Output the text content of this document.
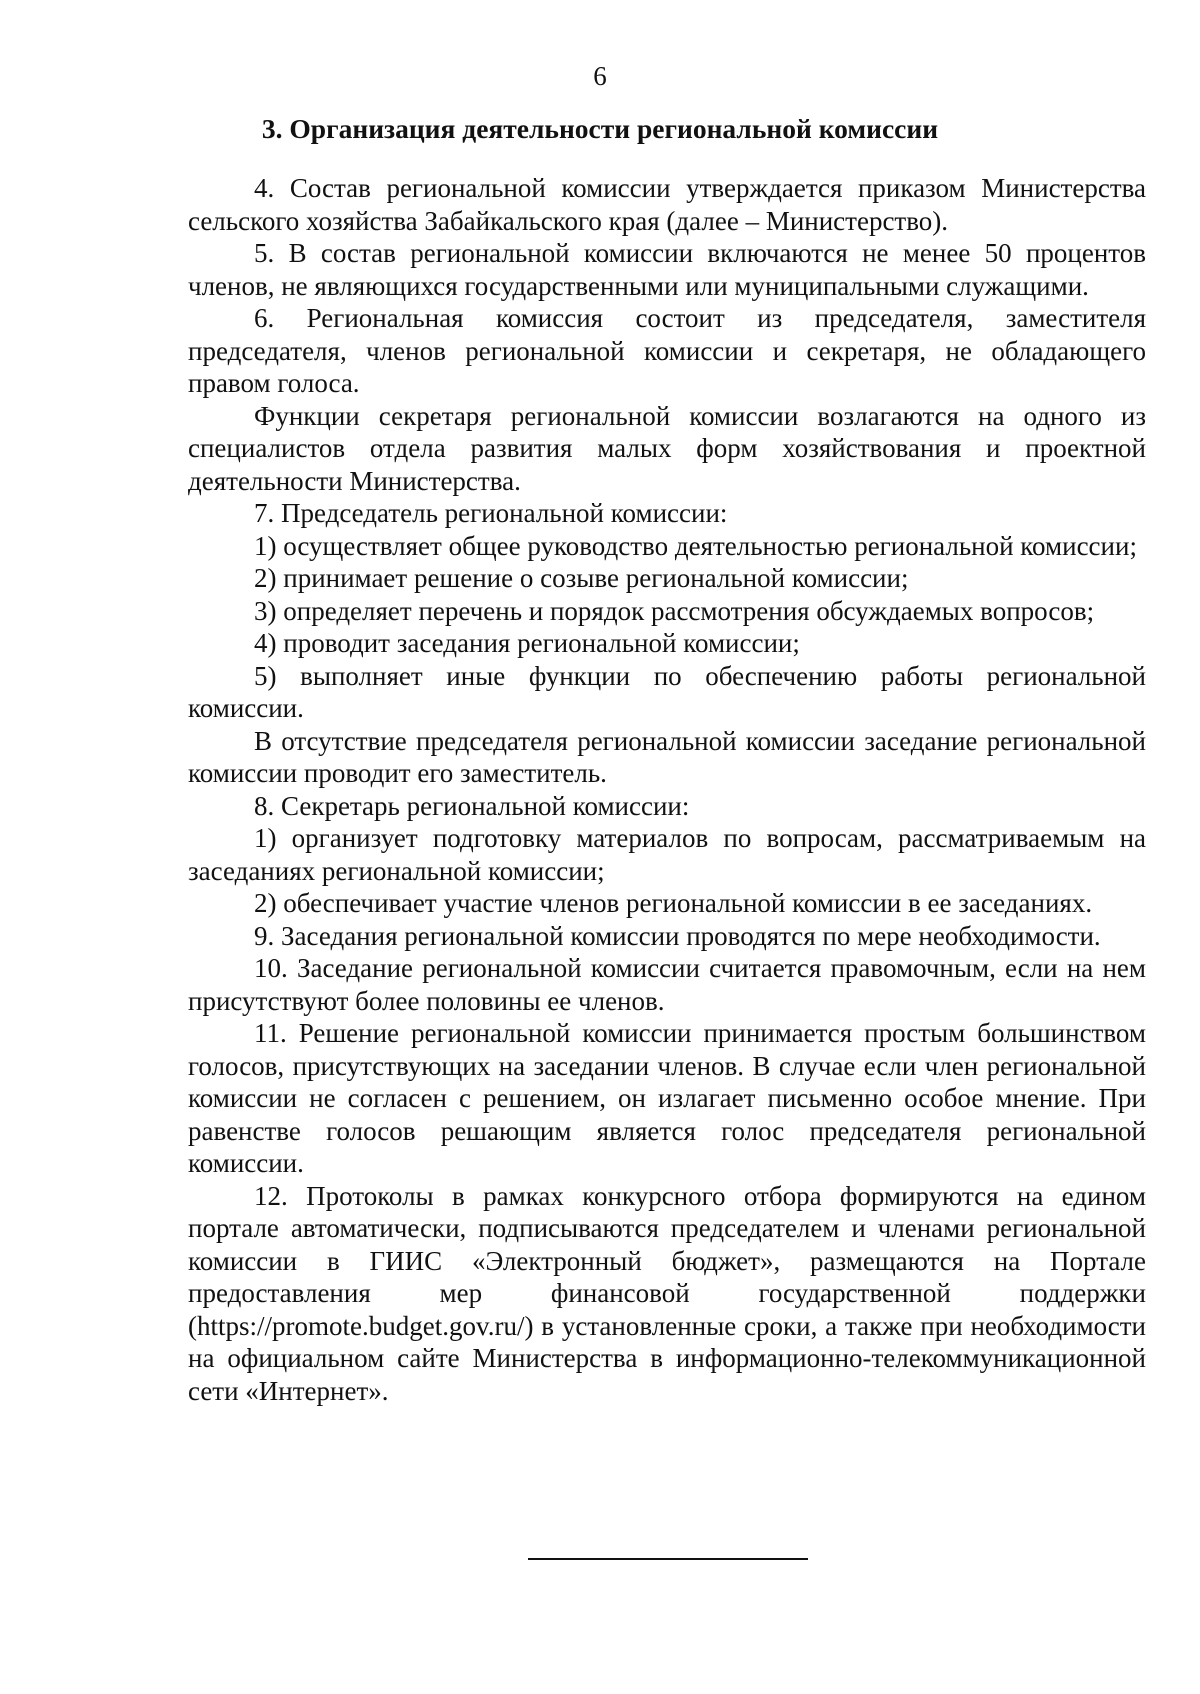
6
3. Организация деятельности региональной комиссии

4. Состав региональной комиссии утверждается приказом Министерства сельского хозяйства Забайкальского края (далее – Министерство).

5. В состав региональной комиссии включаются не менее 50 процентов членов, не являющихся государственными или муниципальными служащими.

6. Региональная комиссия состоит из председателя, заместителя председателя, членов региональной комиссии и секретаря, не обладающего правом голоса.

Функции секретаря региональной комиссии возлагаются на одного из специалистов отдела развития малых форм хозяйствования и проектной деятельности Министерства.

7. Председатель региональной комиссии:

1) осуществляет общее руководство деятельностью региональной комиссии;

2) принимает решение о созыве региональной комиссии;

3) определяет перечень и порядок рассмотрения обсуждаемых вопросов;

4) проводит заседания региональной комиссии;

5) выполняет иные функции по обеспечению работы региональной комиссии.

В отсутствие председателя региональной комиссии заседание региональной комиссии проводит его заместитель.

8. Секретарь региональной комиссии:

1) организует подготовку материалов по вопросам, рассматриваемым на заседаниях региональной комиссии;

2) обеспечивает участие членов региональной комиссии в ее заседаниях.

9. Заседания региональной комиссии проводятся по мере необходимости.

10. Заседание региональной комиссии считается правомочным, если на нем присутствуют более половины ее членов.

11. Решение региональной комиссии принимается простым большинством голосов, присутствующих на заседании членов. В случае если член региональной комиссии не согласен с решением, он излагает письменно особое мнение. При равенстве голосов решающим является голос председателя региональной комиссии.

12. Протоколы в рамках конкурсного отбора формируются на едином портале автоматически, подписываются председателем и членами региональной комиссии в ГИИС «Электронный бюджет», размещаются на Портале предоставления мер финансовой государственной поддержки (https://promote.budget.gov.ru/) в установленные сроки, а также при необходимости на официальном сайте Министерства в информационно-телекоммуникационной сети «Интернет».
